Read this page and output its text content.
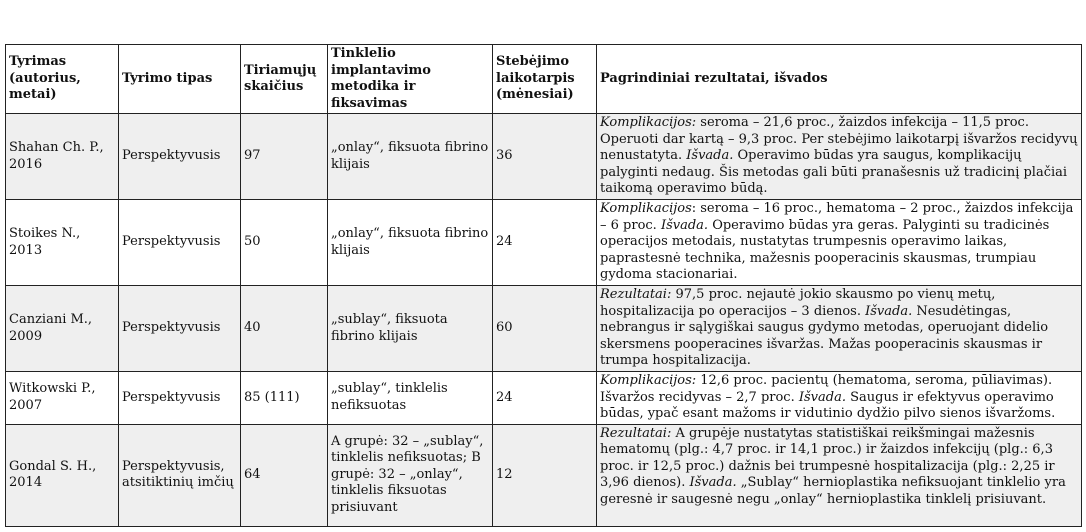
Tyrimas (autorius, metai)	Tyrimo tipas	Tiriamųjų skaičius	Tinklelio implantavimo metodika ir fiksavimas	Stebėjimo laikotarpis (mėnesiai)	Pagrindiniai rezultatai, išvados
Shahan Ch. P., 2016	Perspektyvusis	97	„onlay“, fiksuota fibrino klijais	36	Komplikacijos: seroma – 21,6 proc., žaizdos infekcija – 11,5 proc. Operuoti dar kartą – 9,3 proc. Per stebėjimo laikotarpį išvaržos recidyvų nenustatyta. Išvada. Operavimo būdas yra saugus, komplikacijų palyginti nedaug. Šis metodas gali būti pranašesnis už tradicinį plačiai taikomą operavimo būdą.
Stoikes N., 2013	Perspektyvusis	50	„onlay“, fiksuota fibrino klijais	24	Komplikacijos: seroma – 16 proc., hematoma – 2 proc., žaizdos infekcija – 6 proc. Išvada. Operavimo būdas yra geras. Palyginti su tradicinės operacijos metodais, nustatytas trumpesnis operavimo laikas, paprastesnė technika, mažesnis pooperacinis skausmas, trumpiau gydoma stacionariai.
Canziani M., 2009	Perspektyvusis	40	„sublay“, fiksuota fibrino klijais	60	Rezultatai: 97,5 proc. nejautė jokio skausmo po vienų metų, hospitalizacija po operacijos – 3 dienos. Išvada. Nesudėtingas, nebrangus ir sąlygiškai saugus gydymo metodas, operuojant didelio skersmens pooperacines išvaržas. Mažas pooperacinis skausmas ir trumpa hospitalizacija.
Witkowski P., 2007	Perspektyvusis	85 (111)	„sublay“, tinklelis nefiksuotas	24	Komplikacijos: 12,6 proc. pacientų (hematoma, seroma, pūliavimas). Išvaržos recidyvas – 2,7 proc. Išvada. Saugus ir efektyvus operavimo būdas, ypač esant mažoms ir vidutinio dydžio pilvo sienos išvaržoms.
Gondal S. H., 2014	Perspektyvusis, atsitiktinių imčių	64	A grupė: 32 – „sublay“, tinklelis nefiksuotas; B grupė: 32 – „onlay“, tinklelis fiksuotas prisiuvant	12	Rezultatai: A grupėje nustatytas statistiškai reikšmingai mažesnis hematomų (plg.: 4,7 proc. ir 14,1 proc.) ir žaizdos infekcijų (plg.: 6,3 proc. ir 12,5 proc.) dažnis bei trumpesnė hospitalizacija (plg.: 2,25 ir 3,96 dienos). Išvada. „Sublay“ hernioplastika nefiksuojant tinklelio yra geresnė ir saugesnė negu „onlay“ hernioplastika tinklelį prisiuvant.
